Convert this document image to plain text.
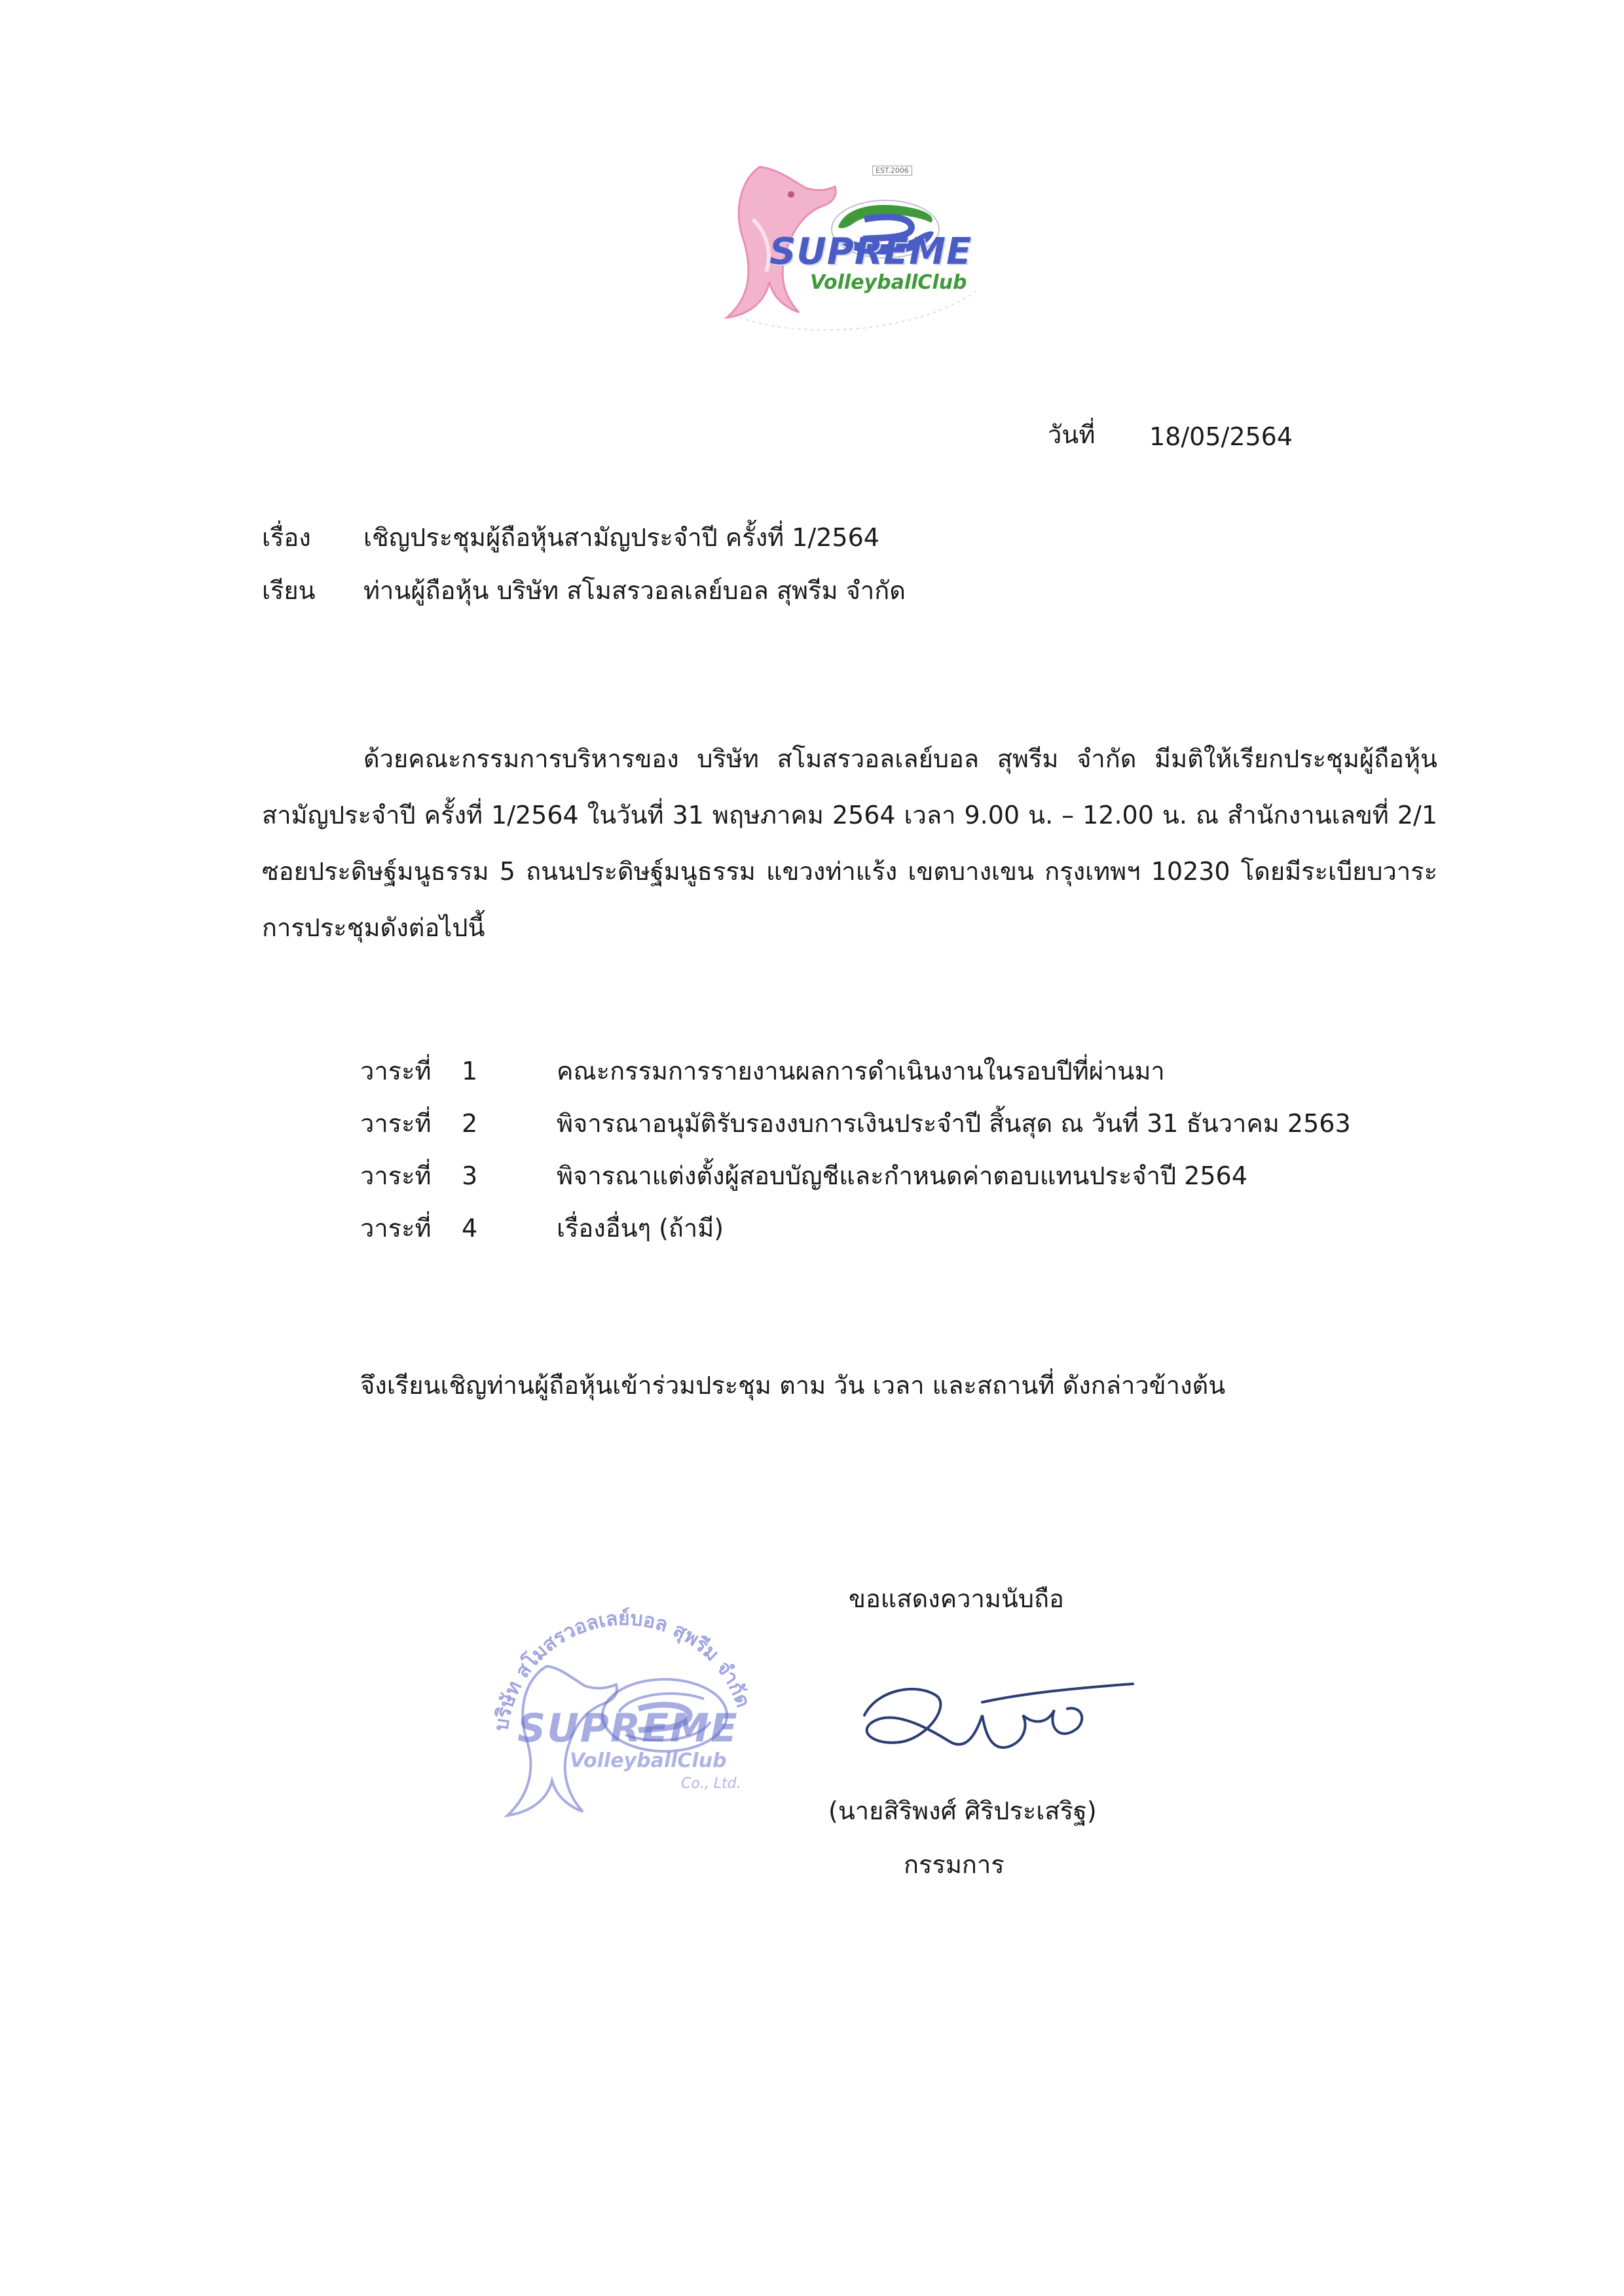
EST.2006
SUPREME
VolleyballClub
วันที่ 18/05/2564
เรื่อง เชิญประชุมผู้ถือหุ้นสามัญประจำปี ครั้งที่ 1/2564
เรียน ท่านผู้ถือหุ้น บริษัท สโมสรวอลเลย์บอล สุพรีม จำกัด
ด้วยคณะกรรมการบริหารของ บริษัท สโมสรวอลเลย์บอล สุพรีม จำกัด มีมติให้เรียกประชุมผู้ถือหุ้นสามัญประจำปี ครั้งที่ 1/2564 ในวันที่ 31 พฤษภาคม 2564 เวลา 9.00 น. – 12.00 น. ณ สำนักงานเลขที่ 2/1 ซอยประดิษฐ์มนูธรรม 5 ถนนประดิษฐ์มนูธรรม แขวงท่าแร้ง เขตบางเขน กรุงเทพฯ 10230 โดยมีระเบียบวาระการประชุมดังต่อไปนี้
วาระที่ 1	คณะกรรมการรายงานผลการดำเนินงานในรอบปีที่ผ่านมา
วาระที่ 2	พิจารณาอนุมัติรับรองงบการเงินประจำปี สิ้นสุด ณ วันที่ 31 ธันวาคม 2563
วาระที่ 3	พิจารณาแต่งตั้งผู้สอบบัญชีและกำหนดค่าตอบแทนประจำปี 2564
วาระที่ 4	เรื่องอื่นๆ (ถ้ามี)
จึงเรียนเชิญท่านผู้ถือหุ้นเข้าร่วมประชุม ตาม วัน เวลา และสถานที่ ดังกล่าวข้างต้น
บริษัท สโมสรวอลเลย์บอล สุพรีม จำกัด
SUPREME
VolleyballClub
Co., Ltd.
ขอแสดงความนับถือ
(นายสิริพงศ์ ศิริประเสริฐ)
กรรมการ
